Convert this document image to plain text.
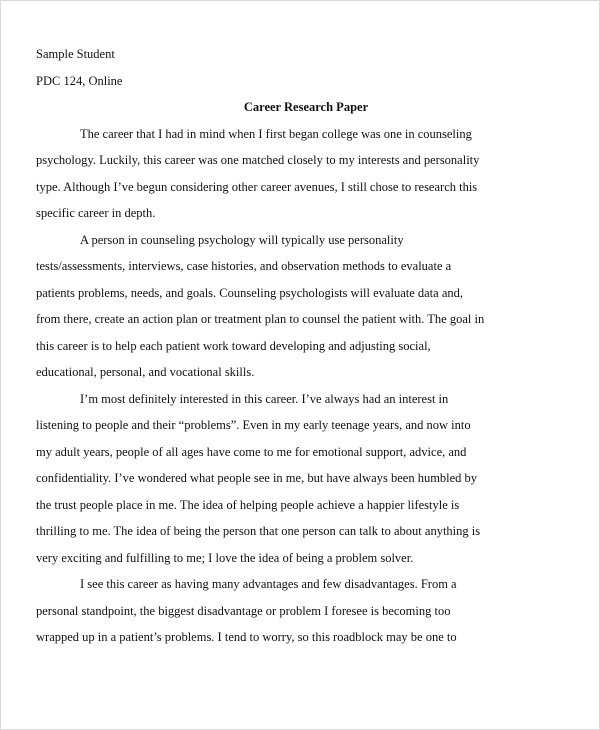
Sample Student

PDC 124, Online

Career Research Paper

The career that I had in mind when I first began college was one in counseling
psychology. Luckily, this career was one matched closely to my interests and personality
type. Although I’ve begun considering other career avenues, I still chose to research this
specific career in depth.

A person in counseling psychology will typically use personality
tests/assessments, interviews, case histories, and observation methods to evaluate a
patients problems, needs, and goals. Counseling psychologists will evaluate data and,
from there, create an action plan or treatment plan to counsel the patient with. The goal in
this career is to help each patient work toward developing and adjusting social,
educational, personal, and vocational skills.

I’m most definitely interested in this career. I’ve always had an interest in
listening to people and their “problems”. Even in my early teenage years, and now into
my adult years, people of all ages have come to me for emotional support, advice, and
confidentiality. I’ve wondered what people see in me, but have always been humbled by
the trust people place in me. The idea of helping people achieve a happier lifestyle is
thrilling to me. The idea of being the person that one person can talk to about anything is
very exciting and fulfilling to me; I love the idea of being a problem solver.

I see this career as having many advantages and few disadvantages. From a
personal standpoint, the biggest disadvantage or problem I foresee is becoming too
wrapped up in a patient’s problems. I tend to worry, so this roadblock may be one to
